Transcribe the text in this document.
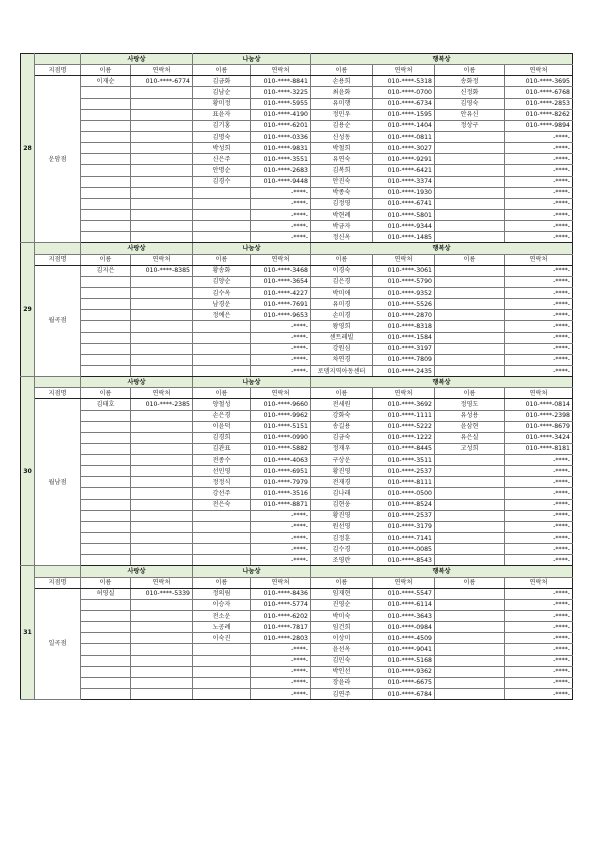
28		사랑상		나눔상		행복상			
	지점명	이름	연락처	이름	연락처	이름	연락처	이름	연락처
	운암점	이재순	010-****-6774	김금화	010-****-8841	손용희	010-****-5318	송화정	010-****-3695
				김남순	010-****-3225	최윤화	010-****-0700	신정화	010-****-6768
				황미정	010-****-5955	유미행	010-****-6734	김영숙	010-****-2853
				표윤자	010-****-4190	정민우	010-****-1595	안유신	010-****-8262
				김기홍	010-****-6201	김용순	010-****-1404	정상구	010-****-9894
				김명숙	010-****-0336	신성동	010-****-0811		-****-
				박성희	010-****-9831	박철희	010-****-3027		-****-
				신은주	010-****-3551	유연숙	010-****-9291		-****-
				안명순	010-****-2683	김복희	010-****-6421		-****-
				김경수	010-****-9448	안진숙	010-****-3374		-****-
					-****-	박종숙	010-****-1930		-****-
					-****-	김정영	010-****-6741		-****-
					-****-	박현례	010-****-5801		-****-
					-****-	박금자	010-****-9344		-****-
					-****-	정신옥	010-****-1485		-****-
29		사랑상		나눔상		행복상			
	지점명	이름	연락처	이름	연락처	이름	연락처	이름	연락처
	월곡점	김지은	010-****-8385	황송화	010-****-3468	이경숙	010-****-3061		-****-
				김양순	010-****-3654	김은경	010-****-5790		-****-
				김수옥	010-****-4227	박미애	010-****-9352		-****-
				남경운	010-****-7691	유미경	010-****-5526		-****-
				정예은	010-****-9653	손미경	010-****-2870		-****-
					-****-	왕영희	010-****-8318		-****-
					-****-	센트레빌	010-****-1584		-****-
					-****-	강원심	010-****-3197		-****-
					-****-	차연경	010-****-7809		-****-
					-****-	로뎀지역아동센터	010-****-2435		-****-
30		사랑상		나눔상		행복상			
	지점명	이름	연락처	이름	연락처	이름	연락처	이름	연락처
	월남점	김태호	010-****-2385	양철성	010-****-9660	전세원	010-****-3692	정영도	010-****-0814
				손은경	010-****-9962	강화숙	010-****-1111	유성용	010-****-2398
				이윤덕	010-****-5151	송길용	010-****-5222	윤삼현	010-****-8679
				김경희	010-****-0990	김금숙	010-****-1222	유은실	010-****-3424
				김관표	010-****-5882	정재우	010-****-8445	고성희	010-****-8181
				전종수	010-****-4063	구상운	010-****-3511		-****-
				선민영	010-****-6951	황진영	010-****-2537		-****-
				정정식	010-****-7979	전재경	010-****-8111		-****-
				강선주	010-****-3516	김나래	010-****-0500		-****-
				전은숙	010-****-8871	김현웅	010-****-8524		-****-
					-****-	황진영	010-****-2537		-****-
					-****-	원선영	010-****-3179		-****-
					-****-	김정훈	010-****-7141		-****-
					-****-	김수경	010-****-0085		-****-
					-****-	조영란	010-****-8543		-****-
31		사랑상		나눔상		행복상			
	지점명	이름	연락처	이름	연락처	이름	연락처	이름	연락처
	일곡점	허영실	010-****-5339	정의림	010-****-8436	임재현	010-****-5547		-****-
				이승자	010-****-5774	진영순	010-****-6114		-****-
				전소운	010-****-6202	박미숙	010-****-3643		-****-
				노공례	010-****-7817	임건희	010-****-0984		-****-
				이숙진	010-****-2803	이상미	010-****-4509		-****-
					-****-	윤선옥	010-****-9041		-****-
					-****-	김민숙	010-****-5168		-****-
					-****-	박인선	010-****-9362		-****-
					-****-	장윤라	010-****-6675		-****-
					-****-	김연주	010-****-6784		-****-
